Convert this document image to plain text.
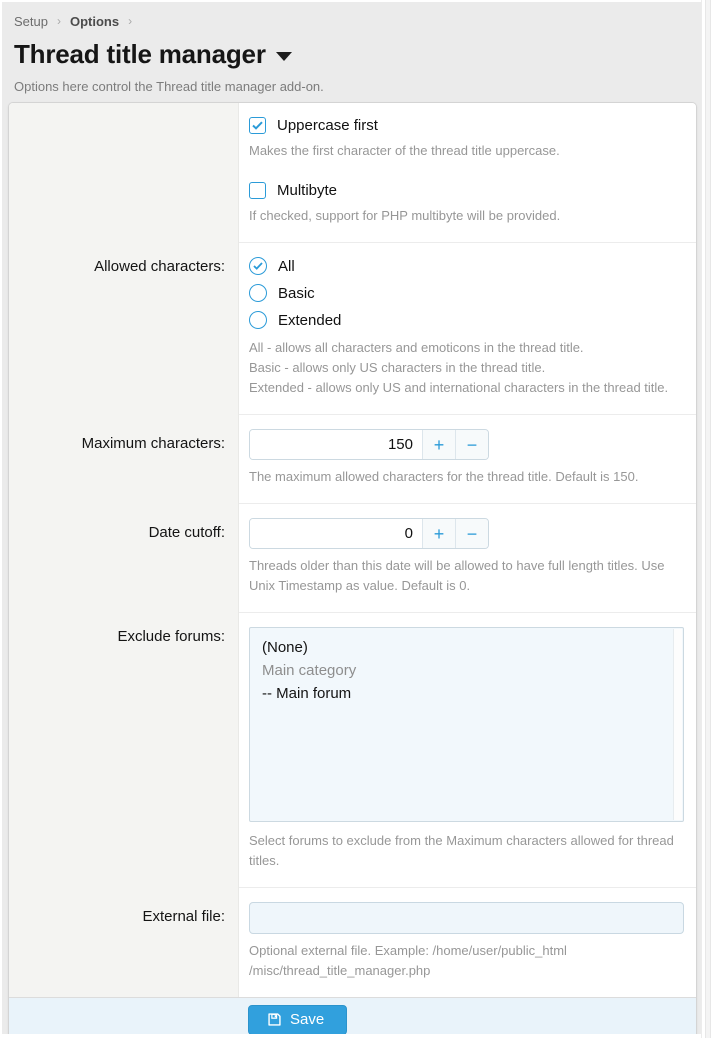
Setup › Options ›
Thread title manager
Options here control the Thread title manager add-on.
Uppercase first
Makes the first character of the thread title uppercase.
Multibyte
If checked, support for PHP multibyte will be provided.
Allowed characters:	All
Basic
Extended
All - allows all characters and emoticons in the thread title.
Basic - allows only US characters in the thread title.
Extended - allows only US and international characters in the thread title.
Maximum characters:
150	+	−
The maximum allowed characters for the thread title. Default is 150.
Date cutoff:
0	+	−
Threads older than this date will be allowed to have full length titles. Use Unix Timestamp as value. Default is 0.
Exclude forums:
(None)
Main category
-- Main forum
Select forums to exclude from the Maximum characters allowed for thread titles.
External file:
Optional external file. Example: /home/user/public_html
/misc/thread_title_manager.php
Save
